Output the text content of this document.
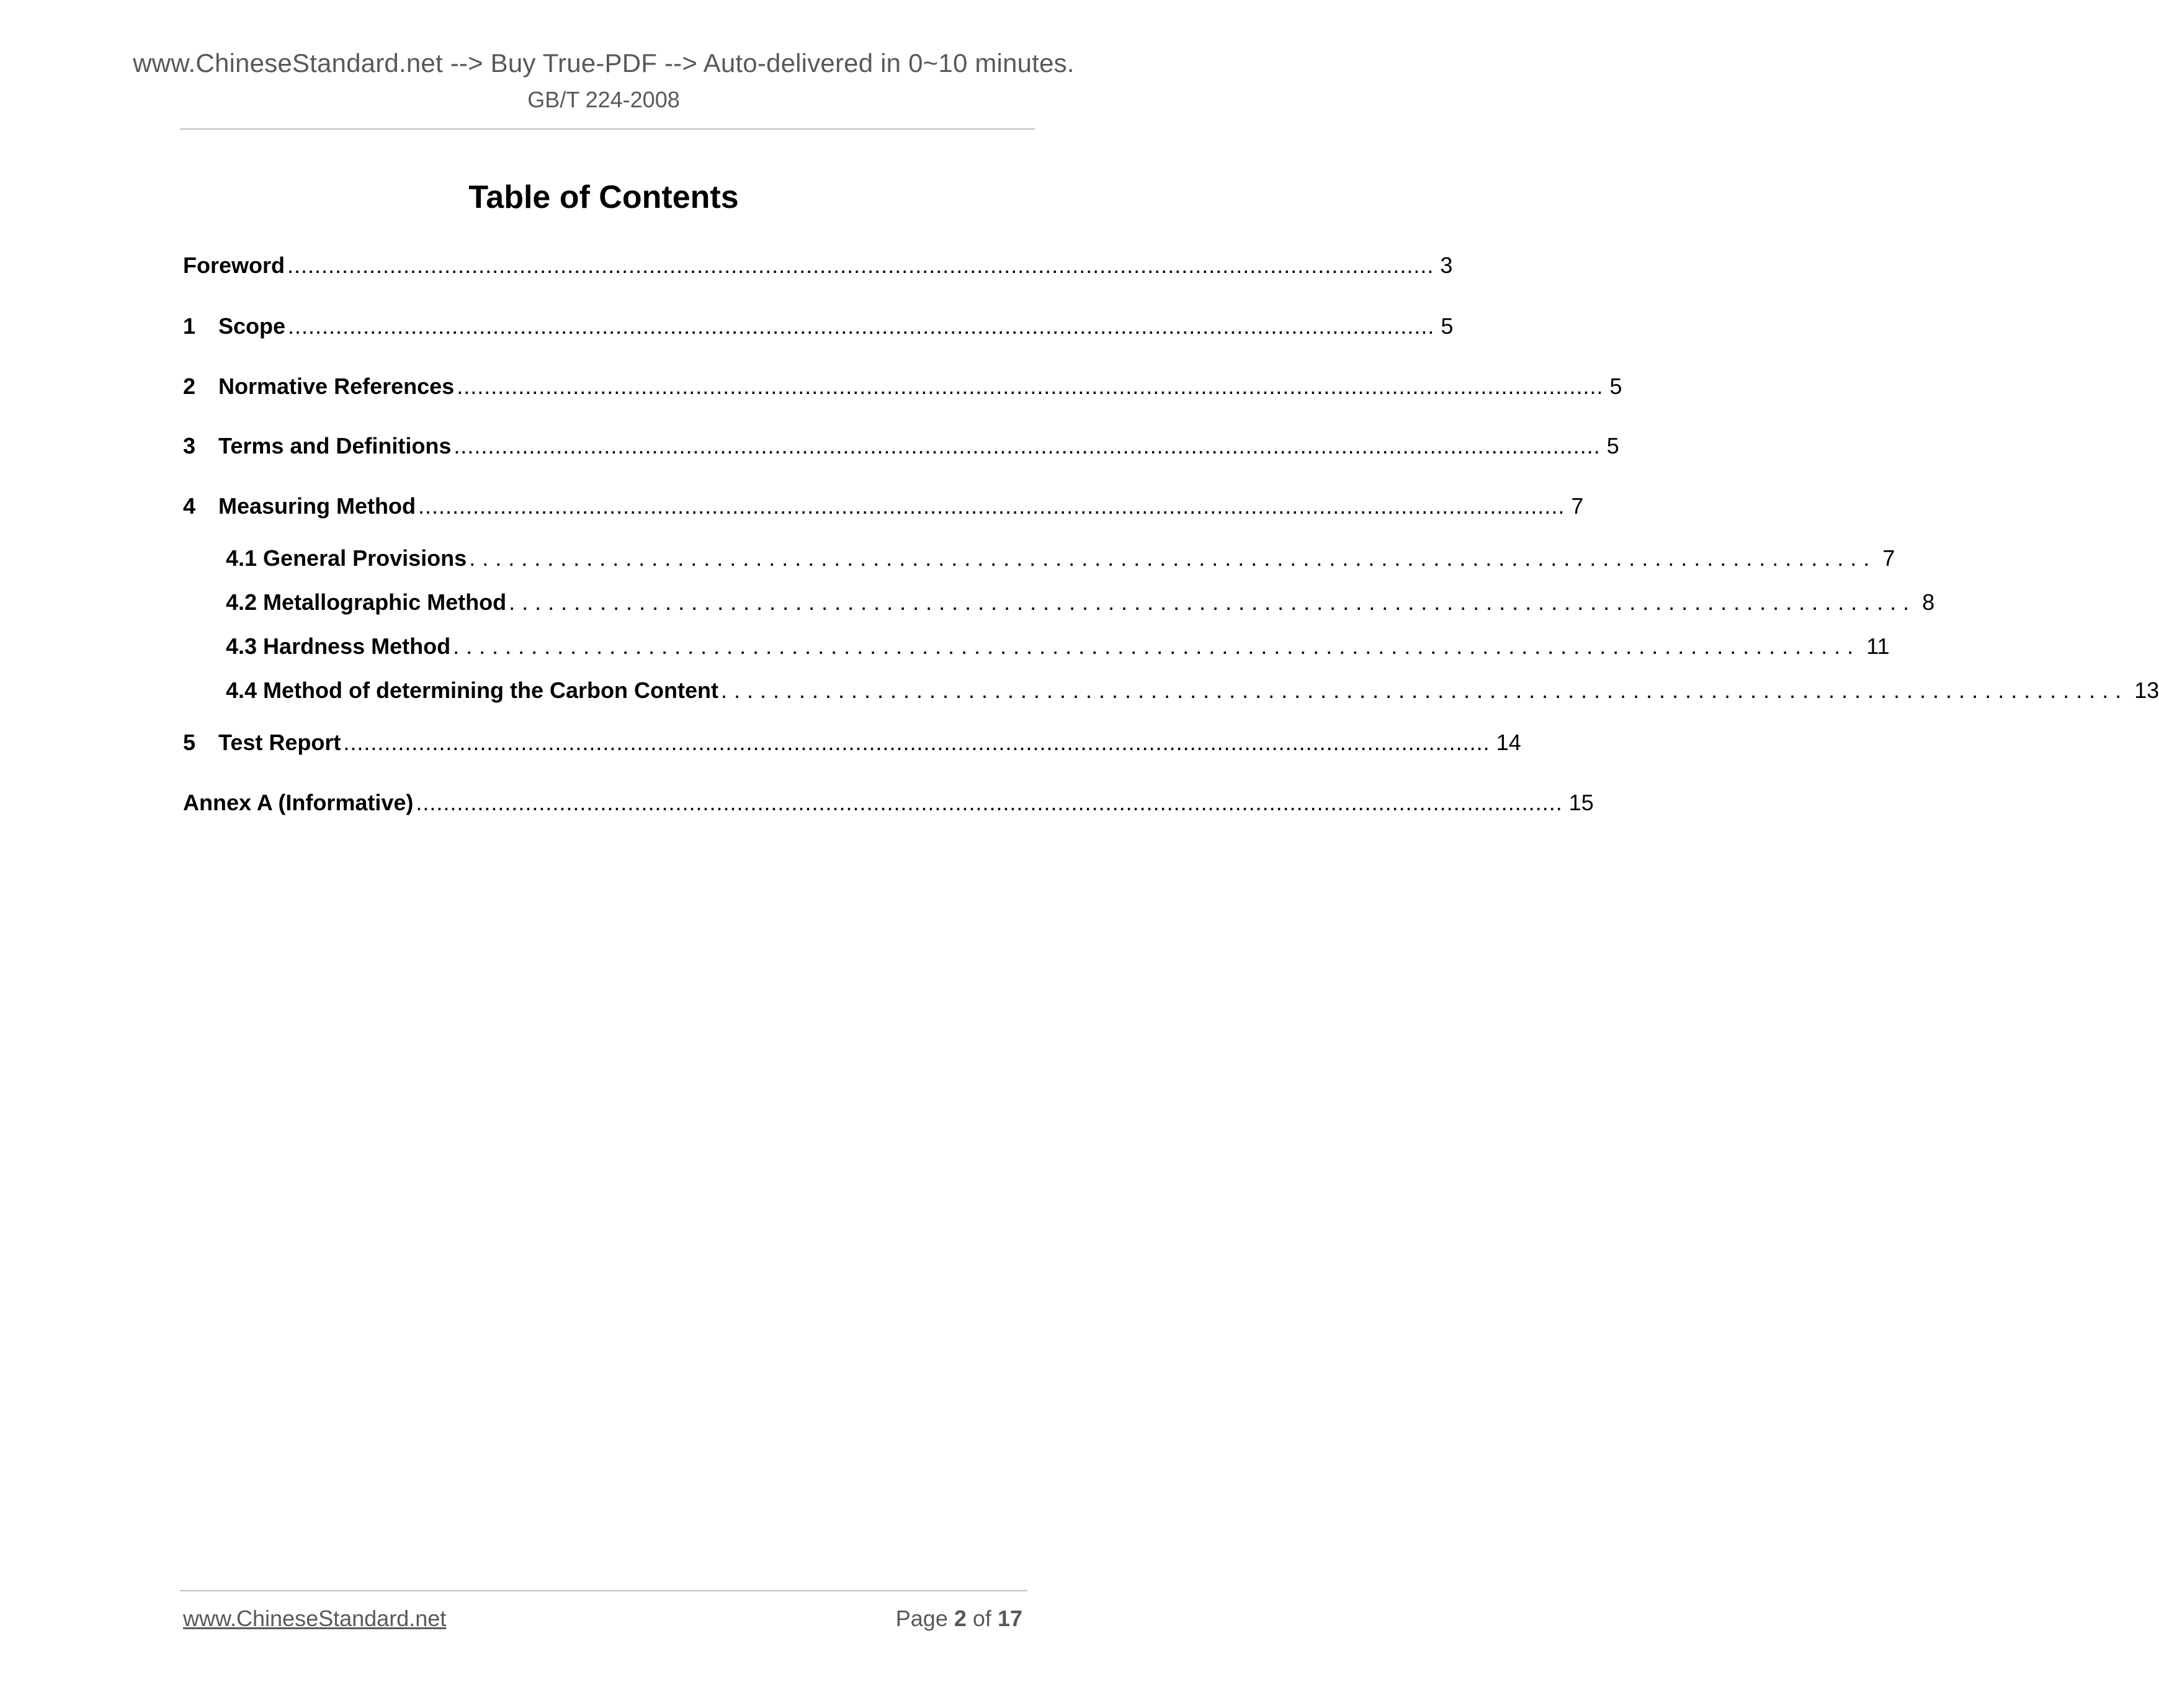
www.ChineseStandard.net --> Buy True-PDF --> Auto-delivered in 0~10 minutes.
GB/T 224-2008
Table of Contents
Foreword ........................................................................................................................................................................ 3
1	Scope ........................................................................................................................................................................ 5
2	Normative References ........................................................................................................................................................................ 5
3	Terms and Definitions ........................................................................................................................................................................ 5
4	Measuring Method ........................................................................................................................................................................ 7
4.1 General Provisions ............................................................................................................ 7
4.2 Metallographic Method ............................................................................................................ 8
4.3 Hardness Method ............................................................................................................ 11
4.4 Method of determining the Carbon Content ............................................................................................................ 13
5	Test Report ........................................................................................................................................................................ 14
Annex A (Informative) ........................................................................................................................................................................ 15
www.ChineseStandard.net	Page 2 of 17
